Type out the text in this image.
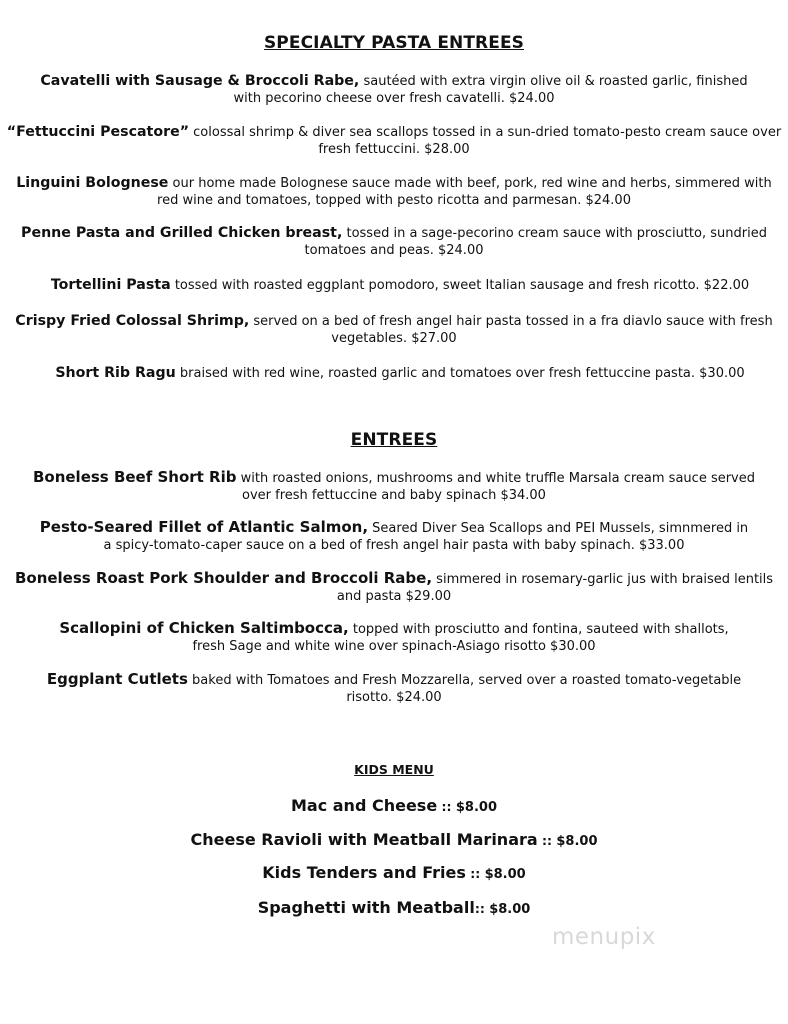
SPECIALTY PASTA ENTREES
Cavatelli with Sausage & Broccoli Rabe, sautéed with extra virgin olive oil & roasted garlic, finished with pecorino cheese over fresh cavatelli. $24.00
“Fettuccini Pescatore” colossal shrimp & diver sea scallops tossed in a sun-dried tomato-pesto cream sauce over fresh fettuccini. $28.00
Linguini Bolognese our home made Bolognese sauce made with beef, pork, red wine and herbs, simmered with red wine and tomatoes, topped with pesto ricotta and parmesan. $24.00
Penne Pasta and Grilled Chicken breast, tossed in a sage-pecorino cream sauce with prosciutto, sundried tomatoes and peas. $24.00
Tortellini Pasta tossed with roasted eggplant pomodoro, sweet Italian sausage and fresh ricotto. $22.00
Crispy Fried Colossal Shrimp, served on a bed of fresh angel hair pasta tossed in a fra diavlo sauce with fresh vegetables. $27.00
Short Rib Ragu braised with red wine, roasted garlic and tomatoes over fresh fettuccine pasta. $30.00
ENTREES
Boneless Beef Short Rib with roasted onions, mushrooms and white truffle Marsala cream sauce served over fresh fettuccine and baby spinach $34.00
Pesto-Seared Fillet of Atlantic Salmon, Seared Diver Sea Scallops and PEI Mussels, simnmered in a spicy-tomato-caper sauce on a bed of fresh angel hair pasta with baby spinach. $33.00
Boneless Roast Pork Shoulder and Broccoli Rabe, simmered in rosemary-garlic jus with braised lentils and pasta $29.00
Scallopini of Chicken Saltimbocca, topped with prosciutto and fontina, sauteed with shallots, fresh Sage and white wine over spinach-Asiago risotto $30.00
Eggplant Cutlets baked with Tomatoes and Fresh Mozzarella, served over a roasted tomato-vegetable risotto. $24.00
KIDS MENU
Mac and Cheese :: $8.00
Cheese Ravioli with Meatball Marinara :: $8.00
Kids Tenders and Fries :: $8.00
Spaghetti with Meatball:: $8.00
menupix
